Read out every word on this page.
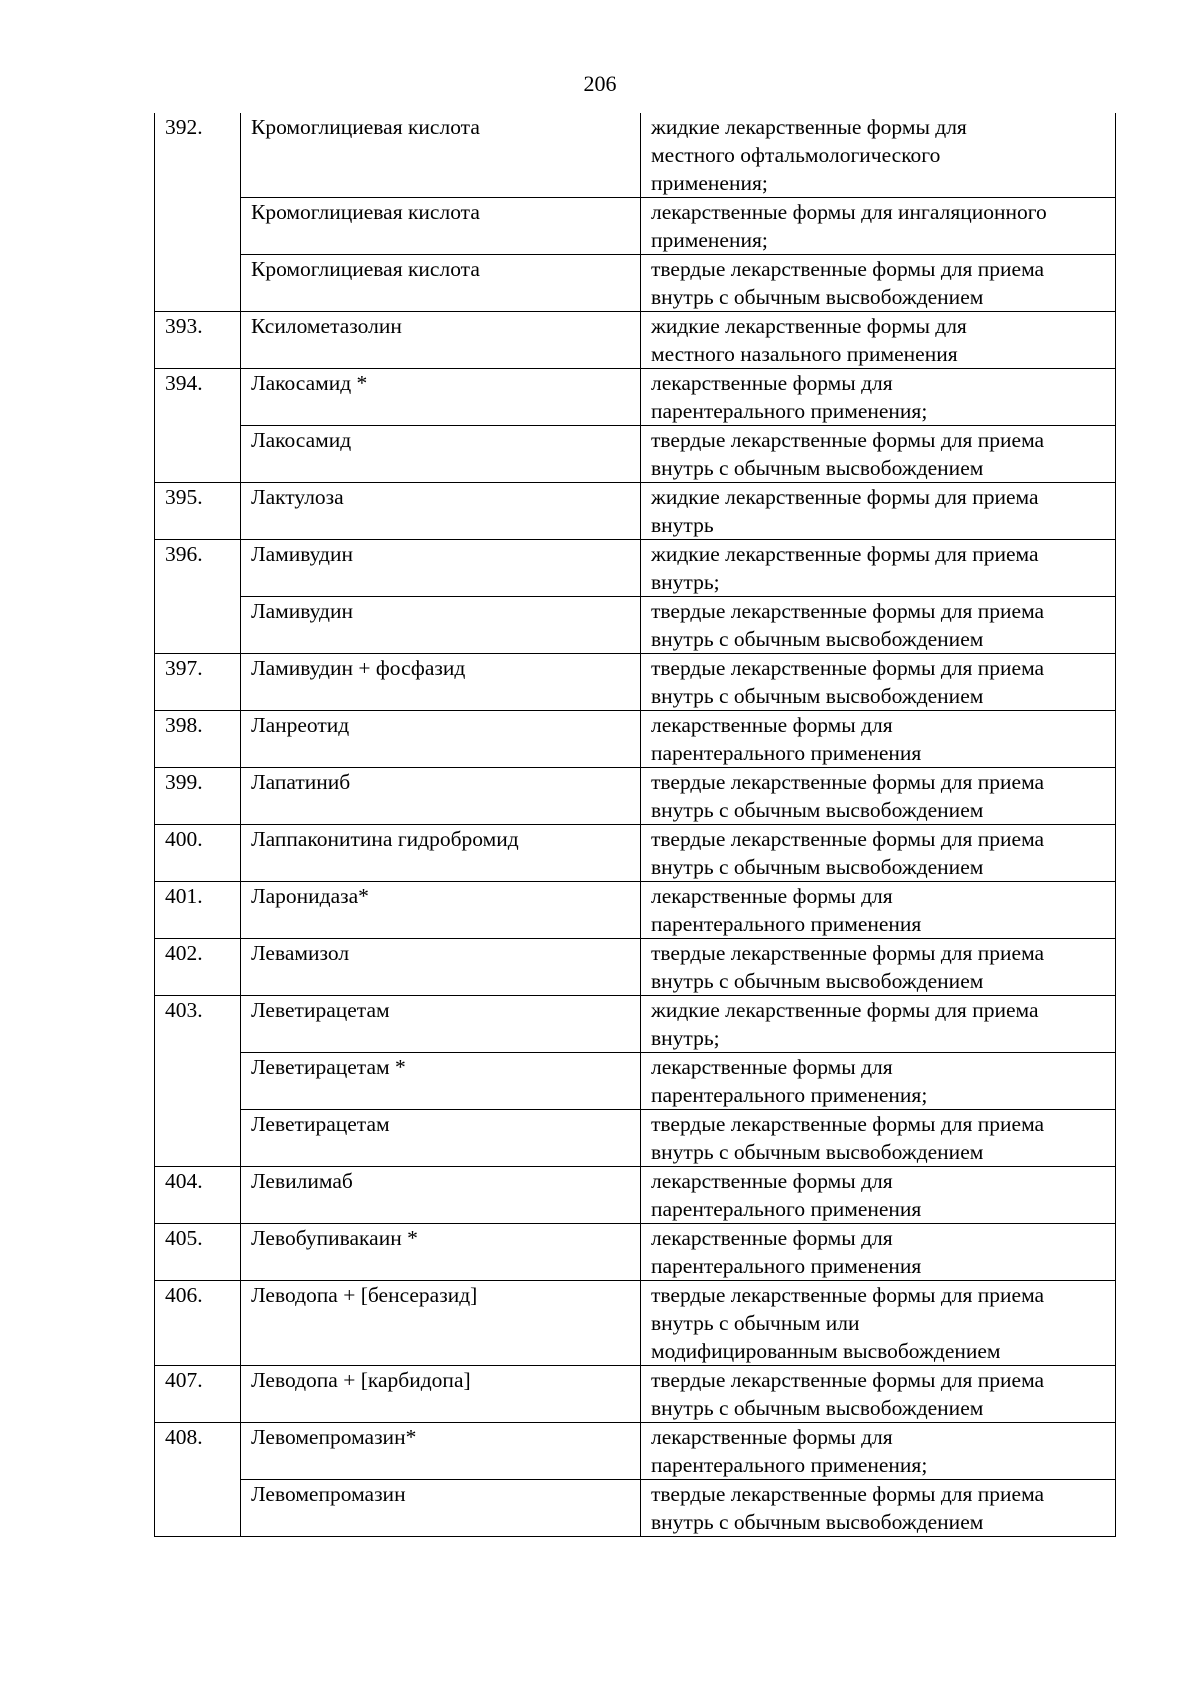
206
392.	Кромоглициевая кислота	жидкие лекарственные формы для
местного офтальмологического
применения;
	Кромоглициевая кислота	лекарственные формы для ингаляционного
применения;
	Кромоглициевая кислота	твердые лекарственные формы для приема
внутрь с обычным высвобождением
393.	Ксилометазолин	жидкие лекарственные формы для
местного назального применения
394.	Лакосамид *	лекарственные формы для
парентерального применения;
	Лакосамид	твердые лекарственные формы для приема
внутрь с обычным высвобождением
395.	Лактулоза	жидкие лекарственные формы для приема
внутрь
396.	Ламивудин	жидкие лекарственные формы для приема
внутрь;
	Ламивудин	твердые лекарственные формы для приема
внутрь с обычным высвобождением
397.	Ламивудин + фосфазид	твердые лекарственные формы для приема
внутрь с обычным высвобождением
398.	Ланреотид	лекарственные формы для
парентерального применения
399.	Лапатиниб	твердые лекарственные формы для приема
внутрь с обычным высвобождением
400.	Лаппаконитина гидробромид	твердые лекарственные формы для приема
внутрь с обычным высвобождением
401.	Ларонидаза*	лекарственные формы для
парентерального применения
402.	Левамизол	твердые лекарственные формы для приема
внутрь с обычным высвобождением
403.	Леветирацетам	жидкие лекарственные формы для приема
внутрь;
	Леветирацетам *	лекарственные формы для
парентерального применения;
	Леветирацетам	твердые лекарственные формы для приема
внутрь с обычным высвобождением
404.	Левилимаб	лекарственные формы для
парентерального применения
405.	Левобупивакаин *	лекарственные формы для
парентерального применения
406.	Леводопа + [бенсеразид]	твердые лекарственные формы для приема
внутрь с обычным или
модифицированным высвобождением
407.	Леводопа + [карбидопа]	твердые лекарственные формы для приема
внутрь с обычным высвобождением
408.	Левомепромазин*	лекарственные формы для
парентерального применения;
	Левомепромазин	твердые лекарственные формы для приема
внутрь с обычным высвобождением
